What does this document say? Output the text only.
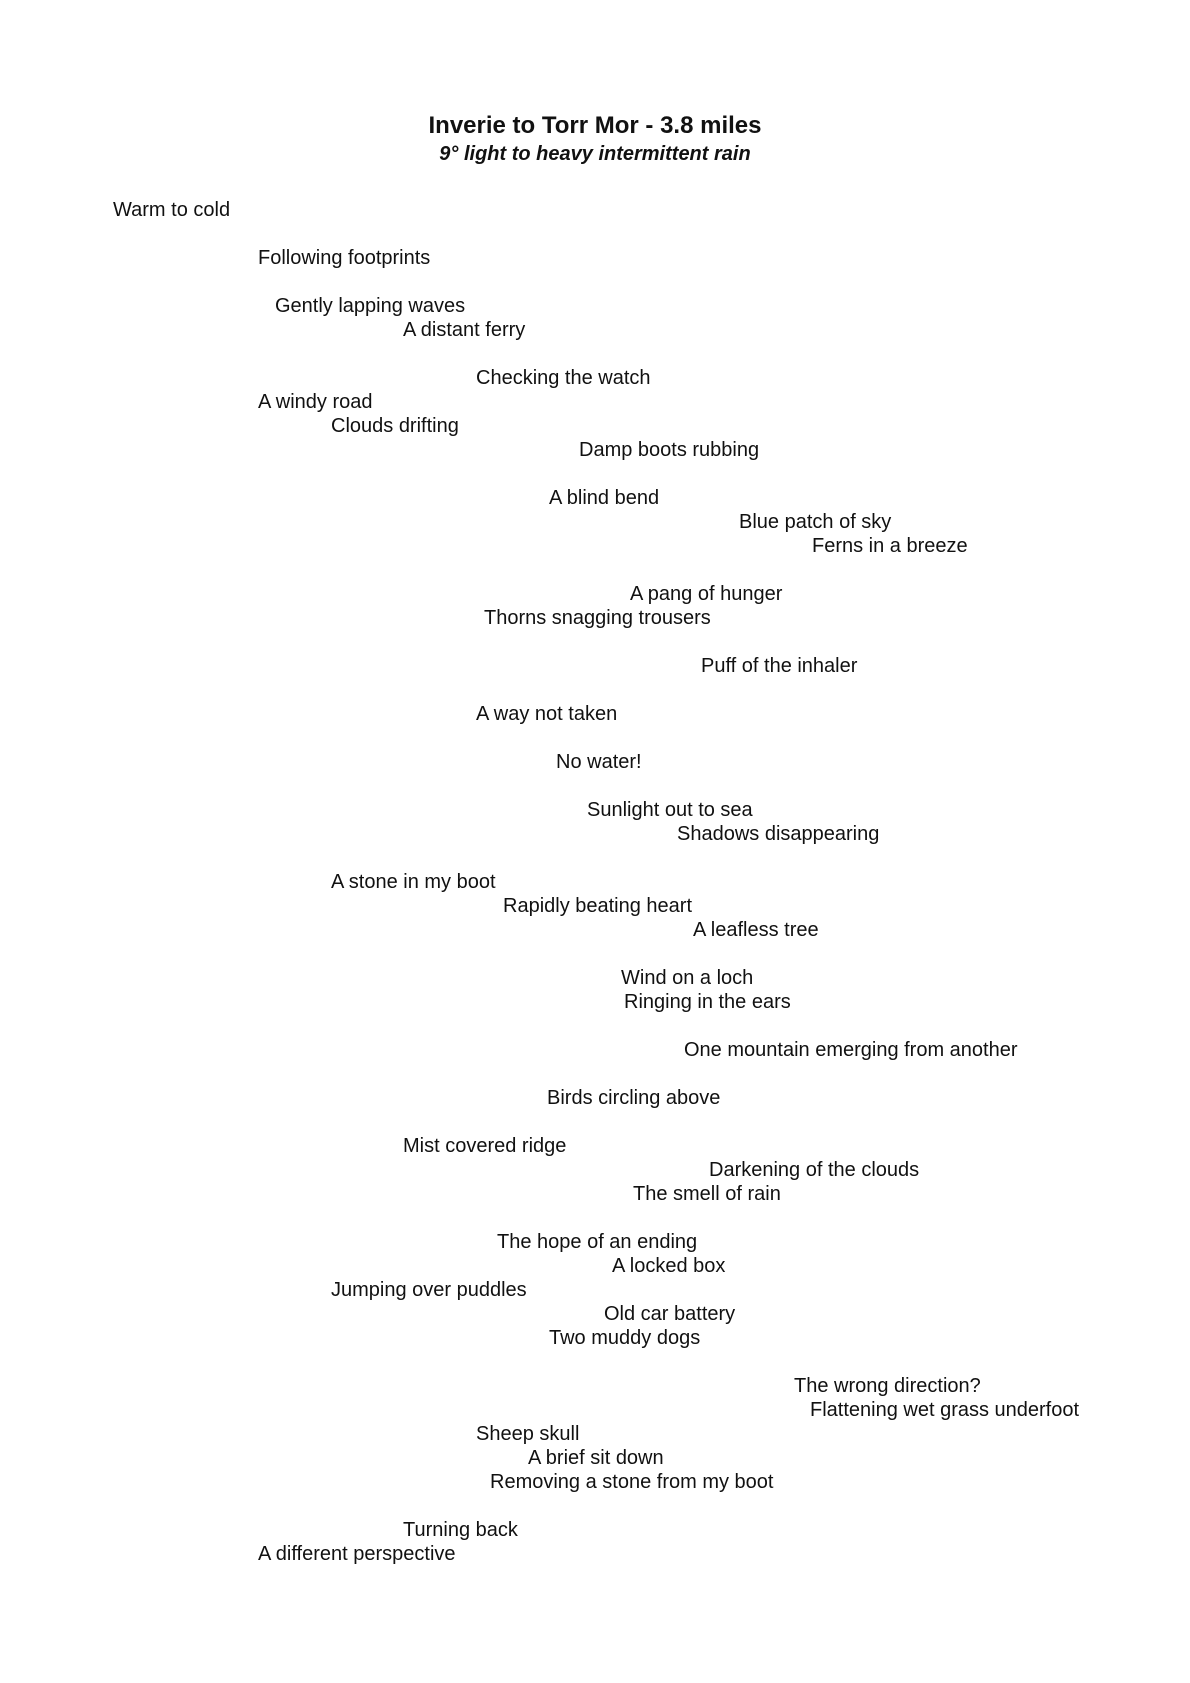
Inverie to Torr Mor - 3.8 miles
9° light to heavy intermittent rain
Warm to cold
Following footprints
Gently lapping waves
A distant ferry
Checking the watch
A windy road
Clouds drifting
Damp boots rubbing
A blind bend
Blue patch of sky
Ferns in a breeze
A pang of hunger
Thorns snagging trousers
Puff of the inhaler
A way not taken
No water!
Sunlight out to sea
Shadows disappearing
A stone in my boot
Rapidly beating heart
A leafless tree
Wind on a loch
Ringing in the ears
One mountain emerging from another
Birds circling above
Mist covered ridge
Darkening of the clouds
The smell of rain
The hope of an ending
A locked box
Jumping over puddles
Old car battery
Two muddy dogs
The wrong direction?
Flattening wet grass underfoot
Sheep skull
A brief sit down
Removing a stone from my boot
Turning back
A different perspective
